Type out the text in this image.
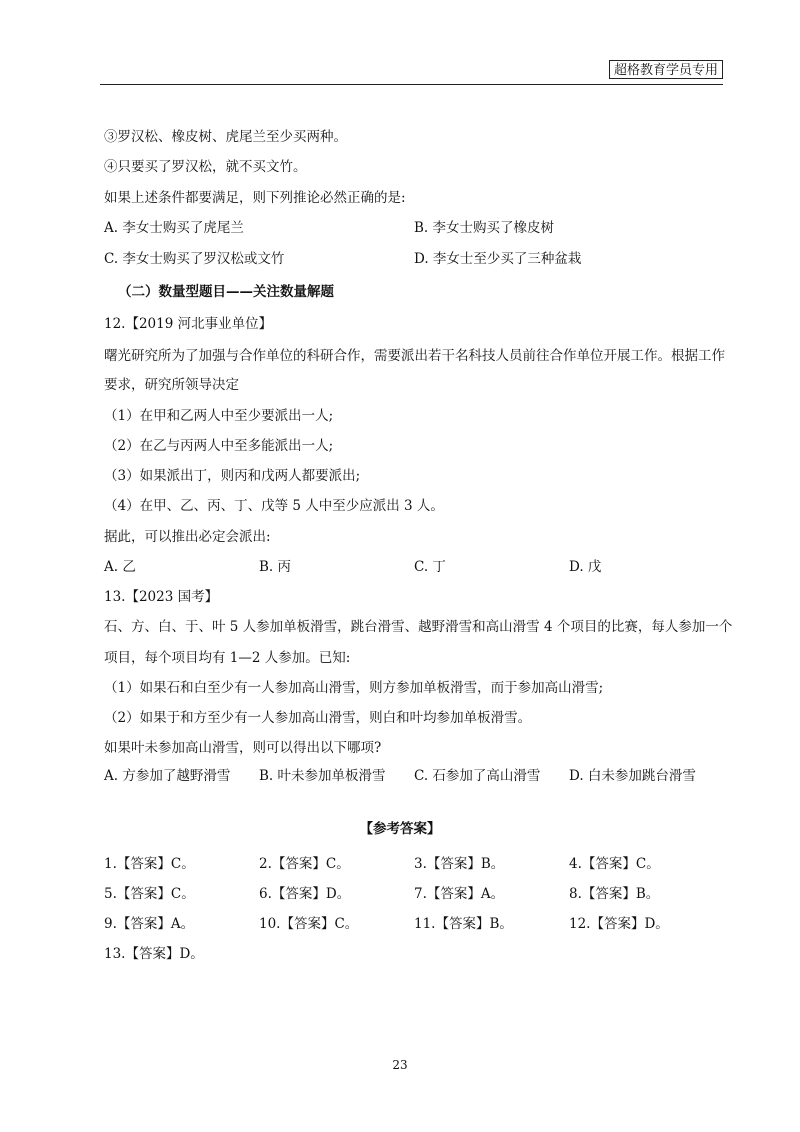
超格教育学员专用
③罗汉松、橡皮树、虎尾兰至少买两种。
④只要买了罗汉松，就不买文竹。
如果上述条件都要满足，则下列推论必然正确的是:
A. 李女士购买了虎尾兰	B. 李女士购买了橡皮树
C. 李女士购买了罗汉松或文竹	D. 李女士至少买了三种盆栽
（二）数量型题目——关注数量解题
12.【2019 河北事业单位】
曙光研究所为了加强与合作单位的科研合作，需要派出若干名科技人员前往合作单位开展工作。根据工作
要求，研究所领导决定
（1）在甲和乙两人中至少要派出一人;
（2）在乙与丙两人中至多能派出一人;
（3）如果派出丁，则丙和戊两人都要派出;
（4）在甲、乙、丙、丁、戊等 5 人中至少应派出 3 人。
据此，可以推出必定会派出:
A. 乙	B. 丙	C. 丁	D. 戊
13.【2023 国考】
石、方、白、于、叶 5 人参加单板滑雪，跳台滑雪、越野滑雪和高山滑雪 4 个项目的比赛，每人参加一个
项目，每个项目均有 1—2 人参加。已知:
（1）如果石和白至少有一人参加高山滑雪，则方参加单板滑雪，而于参加高山滑雪;
（2）如果于和方至少有一人参加高山滑雪，则白和叶均参加单板滑雪。
如果叶未参加高山滑雪，则可以得出以下哪项?
A. 方参加了越野滑雪 B. 叶未参加单板滑雪 C. 石参加了高山滑雪 D. 白未参加跳台滑雪
【参考答案】
1.【答案】C。	2.【答案】C。	3.【答案】B。	4.【答案】C。
5.【答案】C。	6.【答案】D。	7.【答案】A。	8.【答案】B。
9.【答案】A。	10.【答案】C。	11.【答案】B。	12.【答案】D。
13.【答案】D。
23
